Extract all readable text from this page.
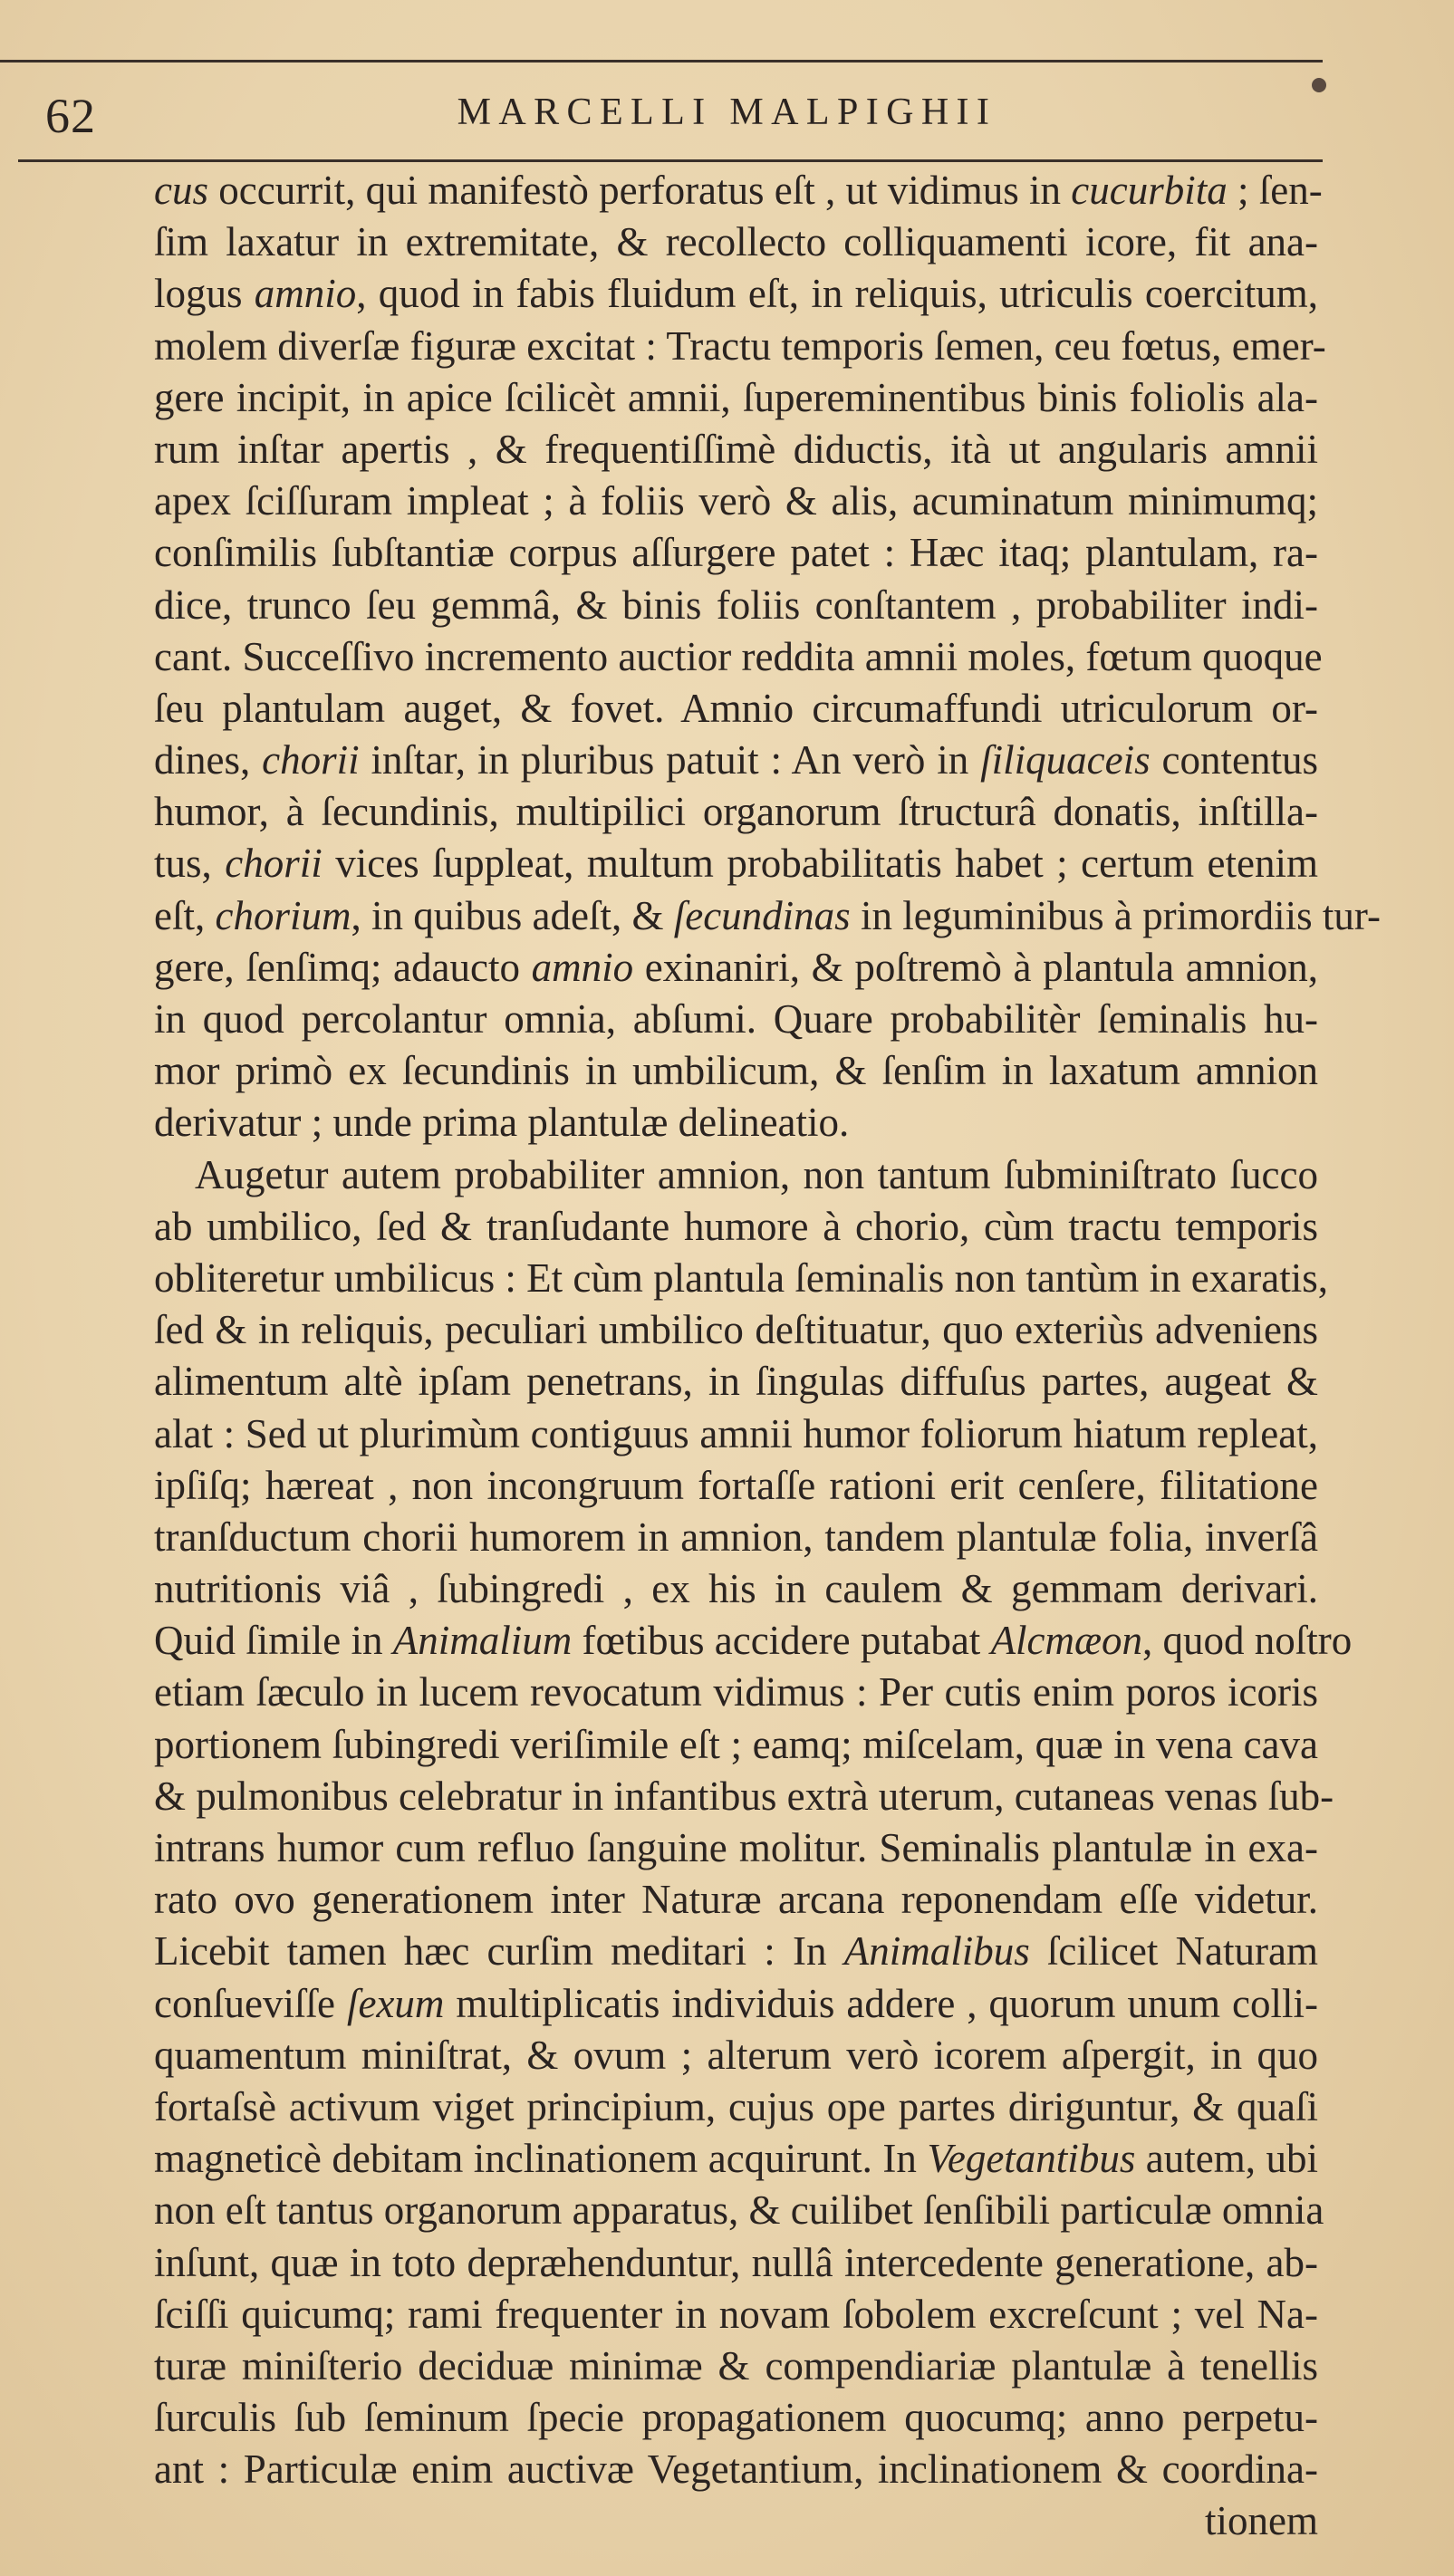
62	MARCELLI MALPIGHII
cus occurrit, qui manifestò perforatus eſt , ut vidimus in cucurbita ; ſen-
ſim laxatur in extremitate, & recollecto colliquamenti icore, fit ana-
logus amnio, quod in fabis fluidum eſt, in reliquis, utriculis coercitum,
molem diverſæ figuræ excitat : Tractu temporis ſemen, ceu fœtus, emer-
gere incipit, in apice ſcilicèt amnii, ſupereminentibus binis foliolis ala-
rum inſtar apertis , & frequentiſſimè diductis, ità ut angularis amnii
apex ſciſſuram impleat ; à foliis verò & alis, acuminatum minimumq;
conſimilis ſubſtantiæ corpus aſſurgere patet : Hæc itaq; plantulam, ra-
dice, trunco ſeu gemmâ, & binis foliis conſtantem , probabiliter indi-
cant. Succeſſivo incremento auctior reddita amnii moles, fœtum quoque
ſeu plantulam auget, & fovet. Amnio circumaffundi utriculorum or-
dines, chorii inſtar, in pluribus patuit : An verò in ſiliquaceis contentus
humor, à ſecundinis, multipilici organorum ſtructurâ donatis, inſtilla-
tus, chorii vices ſuppleat, multum probabilitatis habet ; certum etenim
eſt, chorium, in quibus adeſt, & ſecundinas in leguminibus à primordiis tur-
gere, ſenſimq; adaucto amnio exinaniri, & poſtremò à plantula amnion,
in quod percolantur omnia, abſumi. Quare probabilitèr ſeminalis hu-
mor primò ex ſecundinis in umbilicum, & ſenſim in laxatum amnion
derivatur ; unde prima plantulæ delineatio.
Augetur autem probabiliter amnion, non tantum ſubminiſtrato ſucco
ab umbilico, ſed & tranſudante humore à chorio, cùm tractu temporis
obliteretur umbilicus : Et cùm plantula ſeminalis non tantùm in exaratis,
ſed & in reliquis, peculiari umbilico deſtituatur, quo exteriùs adveniens
alimentum altè ipſam penetrans, in ſingulas diffuſus partes, augeat &
alat : Sed ut plurimùm contiguus amnii humor foliorum hiatum repleat,
ipſiſq; hæreat , non incongruum fortaſſe rationi erit cenſere, filitatione
tranſductum chorii humorem in amnion, tandem plantulæ folia, inverſâ
nutritionis viâ , ſubingredi , ex his in caulem & gemmam derivari.
Quid ſimile in Animalium fœtibus accidere putabat Alcmæon, quod noſtro
etiam ſæculo in lucem revocatum vidimus : Per cutis enim poros icoris
portionem ſubingredi veriſimile eſt ; eamq; miſcelam, quæ in vena cava
& pulmonibus celebratur in infantibus extrà uterum, cutaneas venas ſub-
intrans humor cum refluo ſanguine molitur. Seminalis plantulæ in exa-
rato ovo generationem inter Naturæ arcana reponendam eſſe videtur.
Licebit tamen hæc curſim meditari : In Animalibus ſcilicet Naturam
conſueviſſe ſexum multiplicatis individuis addere , quorum unum colli-
quamentum miniſtrat, & ovum ; alterum verò icorem aſpergit, in quo
fortaſsè activum viget principium, cujus ope partes diriguntur, & quaſi
magneticè debitam inclinationem acquirunt. In Vegetantibus autem, ubi
non eſt tantus organorum apparatus, & cuilibet ſenſibili particulæ omnia
inſunt, quæ in toto depræhenduntur, nullâ intercedente generatione, ab-
ſciſſi quicumq; rami frequenter in novam ſobolem excreſcunt ; vel Na-
turæ miniſterio deciduæ minimæ & compendiariæ plantulæ à tenellis
ſurculis ſub ſeminum ſpecie propagationem quocumq; anno perpetu-
ant : Particulæ enim auctivæ Vegetantium, inclinationem & coordina-
tionem
